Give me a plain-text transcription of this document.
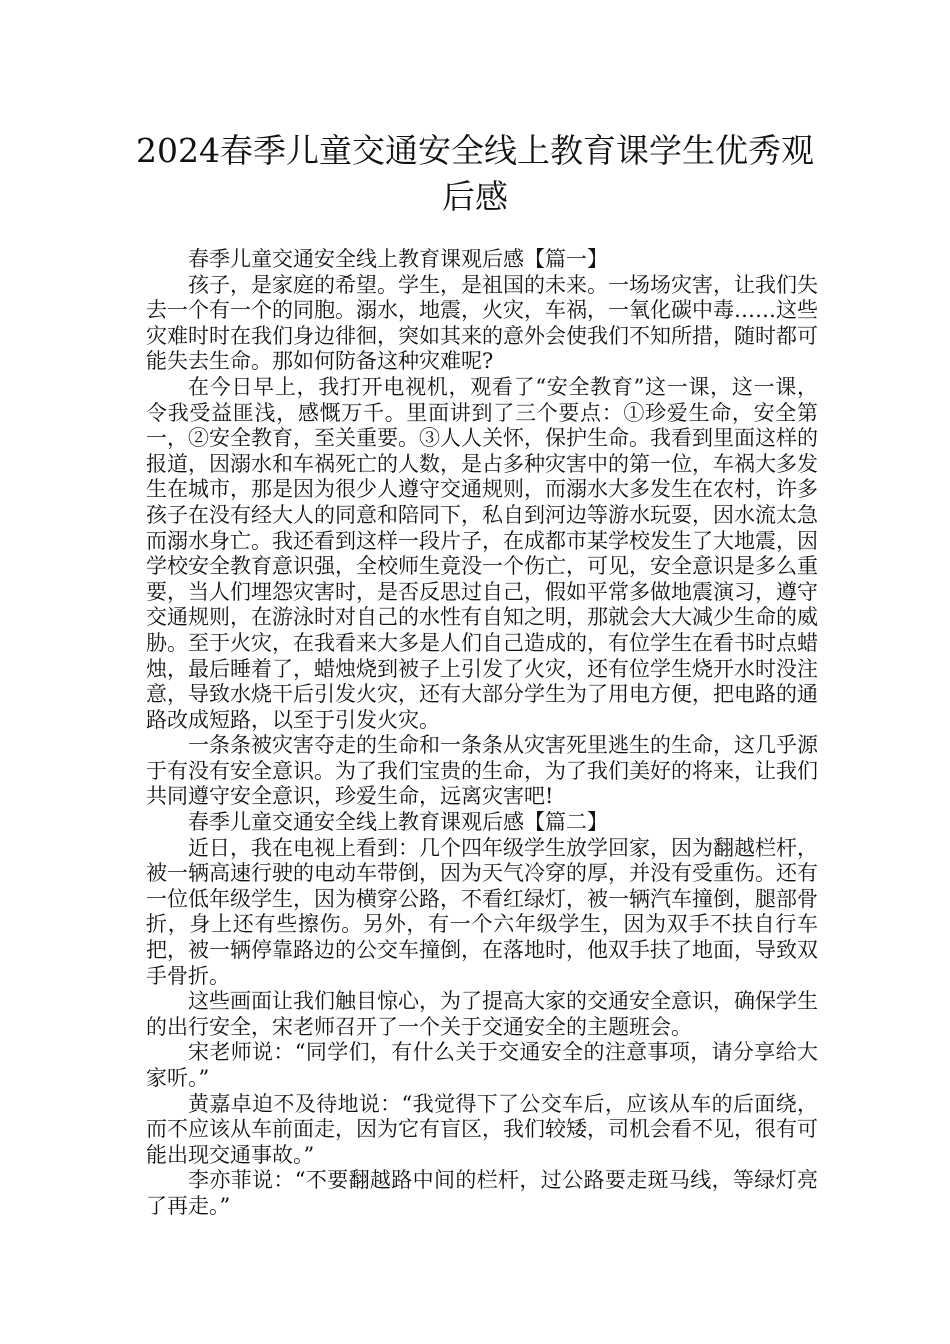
2024春季儿童交通安全线上教育课学生优秀观后感

春季儿童交通安全线上教育课观后感【篇一】

孩子，是家庭的希望。学生，是祖国的未来。一场场灾害，让我们失去一个有一个的同胞。溺水，地震，火灾，车祸，一氧化碳中毒……这些灾难时时在我们身边徘徊，突如其来的意外会使我们不知所措，随时都可能失去生命。那如何防备这种灾难呢?

在今日早上，我打开电视机，观看了“安全教育”这一课，这一课，令我受益匪浅，感慨万千。里面讲到了三个要点：①珍爱生命，安全第一，②安全教育，至关重要。③人人关怀，保护生命。我看到里面这样的报道，因溺水和车祸死亡的人数，是占多种灾害中的第一位，车祸大多发生在城市，那是因为很少人遵守交通规则，而溺水大多发生在农村，许多孩子在没有经大人的同意和陪同下，私自到河边等游水玩耍，因水流太急而溺水身亡。我还看到这样一段片子，在成都市某学校发生了大地震，因学校安全教育意识强，全校师生竟没一个伤亡，可见，安全意识是多么重要，当人们埋怨灾害时，是否反思过自己，假如平常多做地震演习，遵守交通规则，在游泳时对自己的水性有自知之明，那就会大大减少生命的威胁。至于火灾，在我看来大多是人们自己造成的，有位学生在看书时点蜡烛，最后睡着了，蜡烛烧到被子上引发了火灾，还有位学生烧开水时没注意，导致水烧干后引发火灾，还有大部分学生为了用电方便，把电路的通路改成短路，以至于引发火灾。

一条条被灾害夺走的生命和一条条从灾害死里逃生的生命，这几乎源于有没有安全意识。为了我们宝贵的生命，为了我们美好的将来，让我们共同遵守安全意识，珍爱生命，远离灾害吧!

春季儿童交通安全线上教育课观后感【篇二】

近日，我在电视上看到：几个四年级学生放学回家，因为翻越栏杆，被一辆高速行驶的电动车带倒，因为天气冷穿的厚，并没有受重伤。还有一位低年级学生，因为横穿公路，不看红绿灯，被一辆汽车撞倒，腿部骨折，身上还有些擦伤。另外，有一个六年级学生，因为双手不扶自行车把，被一辆停靠路边的公交车撞倒，在落地时，他双手扶了地面，导致双手骨折。

这些画面让我们触目惊心，为了提高大家的交通安全意识，确保学生的出行安全，宋老师召开了一个关于交通安全的主题班会。

宋老师说：“同学们，有什么关于交通安全的注意事项，请分享给大家听。”

黄嘉卓迫不及待地说：“我觉得下了公交车后，应该从车的后面绕，而不应该从车前面走，因为它有盲区，我们较矮，司机会看不见，很有可能出现交通事故。”

李亦菲说：“不要翻越路中间的栏杆，过公路要走斑马线，等绿灯亮了再走。”
